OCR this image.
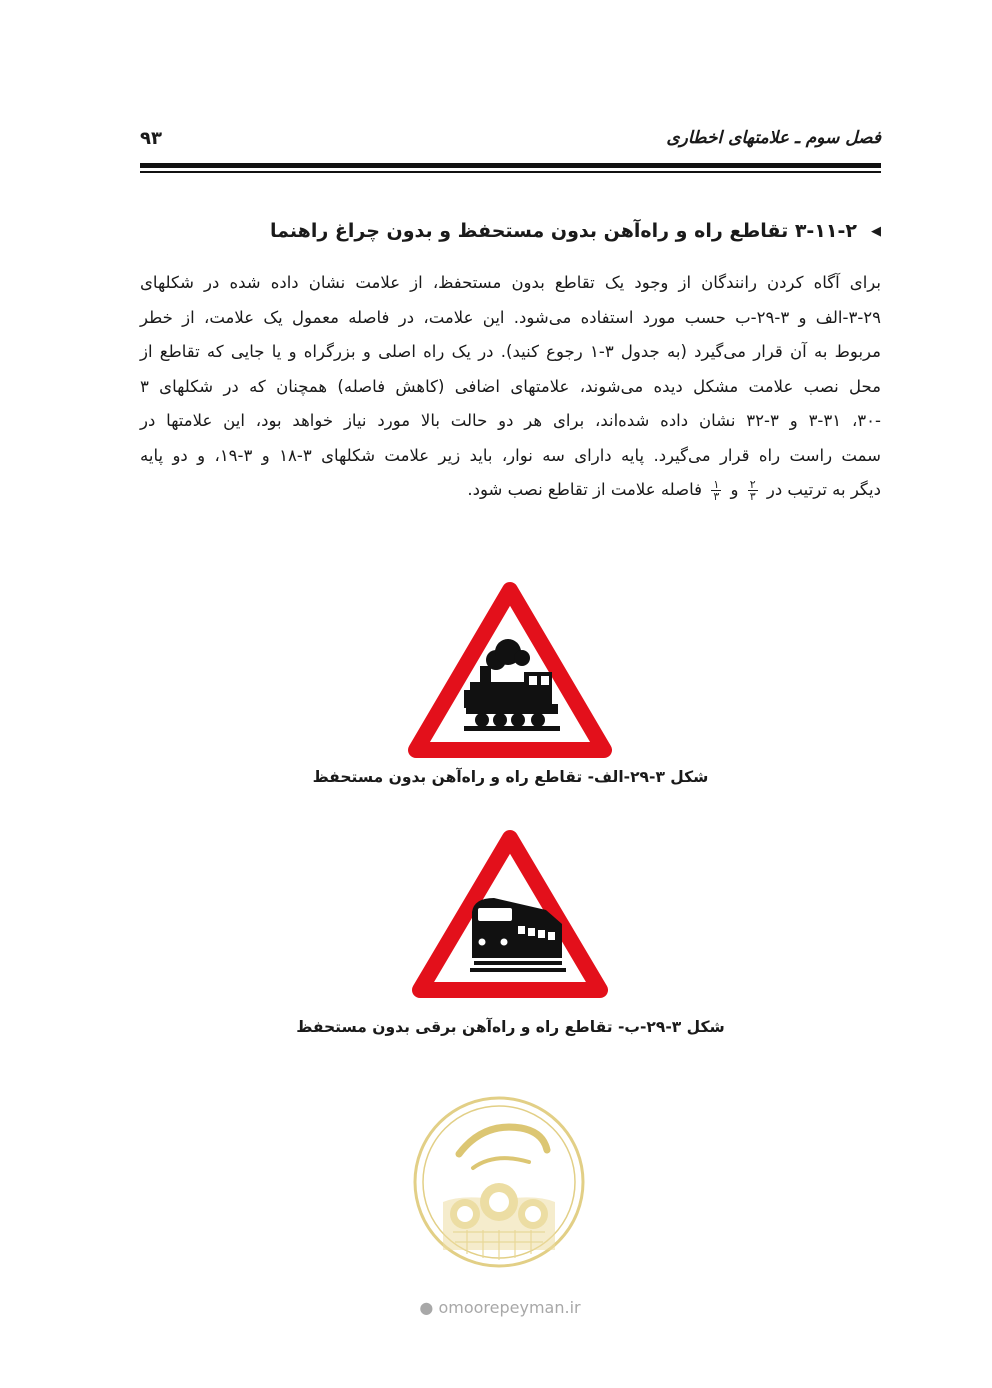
فصل سوم ـ علامتهای اخطاری
۹۳
◀۳-۱۱-۲ تقاطع راه و راه‌آهن بدون مستحفظ و بدون چراغ راهنما
برای آگاه کردن رانندگان از وجود یک تقاطع بدون مستحفظ، از علامت نشان داده شده در شکلهای
۳-۲۹-الف و ۳-۲۹-ب حسب مورد استفاده می‌شود. این علامت، در فاصله معمول یک علامت، از خطر
مربوط به آن قرار می‌گیرد (به جدول ۳-۱ رجوع کنید). در یک راه اصلی و بزرگراه و یا جایی که تقاطع از
محل نصب علامت مشکل دیده می‌شوند، علامتهای اضافی (کاهش فاصله) همچنان که در شکلهای ۳
-۳۰، ۳-۳۱ و ۳-۳۲ نشان داده شده‌اند، برای هر دو حالت بالا مورد نیاز خواهد بود، این علامتها در
سمت راست راه قرار می‌گیرد. پایه دارای سه نوار، باید زیر علامت شکلهای ۳-۱۸ و ۳-۱۹، و دو پایه
دیگر به ترتیب در
$\frac{۲}{۳}$
و
$\frac{۱}{۳}$
فاصله علامت از تقاطع نصب شود.
شکل ۳-۲۹-الف- تقاطع راه و راه‌آهن بدون مستحفظ
شکل ۳-۲۹-ب- تقاطع راه و راه‌آهن برقی بدون مستحفظ
● omoorepeyman.ir
